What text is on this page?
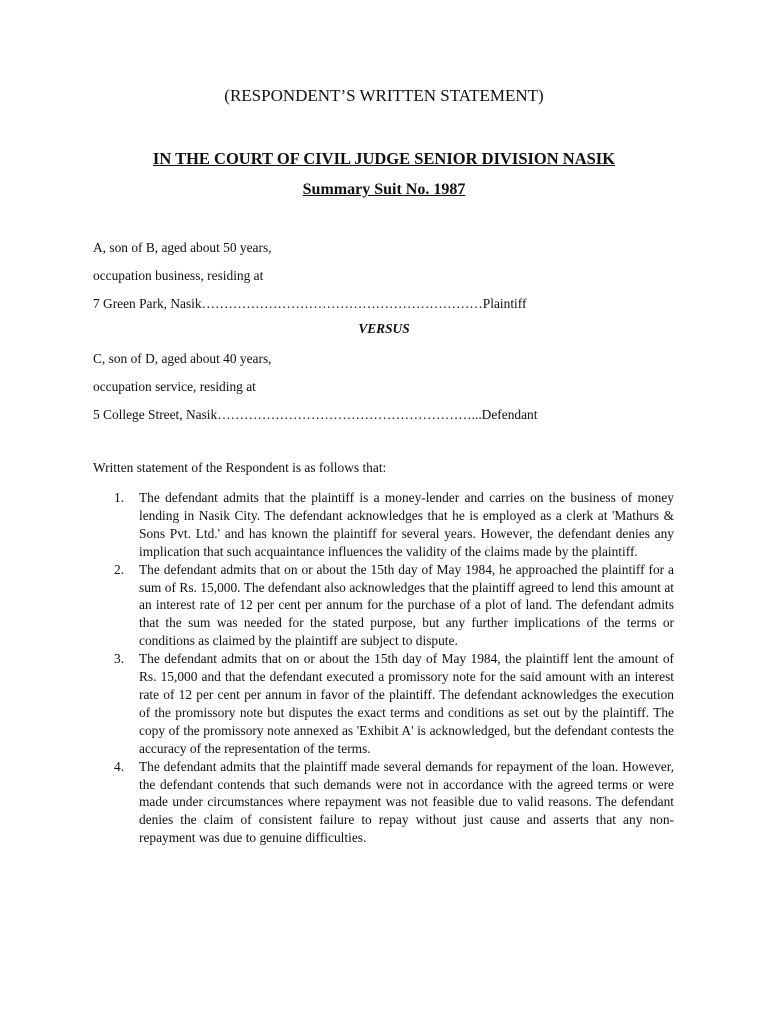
(RESPONDENT’S WRITTEN STATEMENT)
IN THE COURT OF CIVIL JUDGE SENIOR DIVISION NASIK
Summary Suit No. 1987
A, son of B, aged about 50 years,
occupation business, residing at
7 Green Park, Nasik………………………………………………………Plaintiff
VERSUS
C, son of D, aged about 40 years,
occupation service, residing at
5 College Street, Nasik…………………………………………………...Defendant
Written statement of the Respondent is as follows that:
1. The defendant admits that the plaintiff is a money-lender and carries on the business of money lending in Nasik City. The defendant acknowledges that he is employed as a clerk at 'Mathurs & Sons Pvt. Ltd.' and has known the plaintiff for several years. However, the defendant denies any implication that such acquaintance influences the validity of the claims made by the plaintiff.
2. The defendant admits that on or about the 15th day of May 1984, he approached the plaintiff for a sum of Rs. 15,000. The defendant also acknowledges that the plaintiff agreed to lend this amount at an interest rate of 12 per cent per annum for the purchase of a plot of land. The defendant admits that the sum was needed for the stated purpose, but any further implications of the terms or conditions as claimed by the plaintiff are subject to dispute.
3. The defendant admits that on or about the 15th day of May 1984, the plaintiff lent the amount of Rs. 15,000 and that the defendant executed a promissory note for the said amount with an interest rate of 12 per cent per annum in favor of the plaintiff. The defendant acknowledges the execution of the promissory note but disputes the exact terms and conditions as set out by the plaintiff. The copy of the promissory note annexed as 'Exhibit A' is acknowledged, but the defendant contests the accuracy of the representation of the terms.
4. The defendant admits that the plaintiff made several demands for repayment of the loan. However, the defendant contends that such demands were not in accordance with the agreed terms or were made under circumstances where repayment was not feasible due to valid reasons. The defendant denies the claim of consistent failure to repay without just cause and asserts that any non-repayment was due to genuine difficulties.
